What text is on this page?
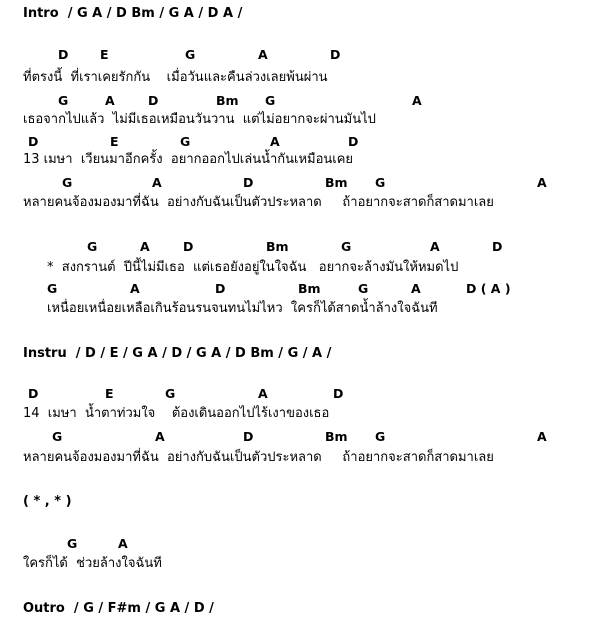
Intro  / G A / D Bm / G A / D A /
D	E	G	A	D
ที่ตรงนี้  ที่เราเคยรักกัน    เมื่อวันและคืนล่วงเลยพ้นผ่าน
G	A	D	Bm G	A
เธอจากไปแล้ว  ไม่มีเธอเหมือนวันวาน  แต่ไม่อยากจะผ่านมันไป
D	E	G	A	D
13 เมษา  เวียนมาอีกครั้ง  อยากออกไปเล่นน้ำกันเหมือนเคย
G	A	D	Bm G	A
หลายคนจ้องมองมาที่ฉัน  อย่างกับฉันเป็นตัวประหลาด     ถ้าอยากจะสาดก็สาดมาเลย
G	A	D	Bm	G	A	D
*  สงกรานต์  ปีนี้ไม่มีเธอ  แต่เธอยังอยู่ในใจฉัน   อยากจะล้างมันให้หมดไป
G	A	D	Bm	G	A	D ( A )
เหนื่อยเหนื่อยเหลือเกินร้อนรนจนทนไม่ไหว  ใครก็ได้สาดน้ำล้างใจฉันที
Instru  / D / E / G A / D / G A / D Bm / G / A /
D	E	G	A	D
14  เมษา  น้ำตาท่วมใจ    ต้องเดินออกไปไร้เงาของเธอ
G	A	D	Bm G	A
หลายคนจ้องมองมาที่ฉัน  อย่างกับฉันเป็นตัวประหลาด     ถ้าอยากจะสาดก็สาดมาเลย
( * , * )
G	A
ใครก็ได้  ช่วยล้างใจฉันที
Outro  / G / F#m / G A / D /
